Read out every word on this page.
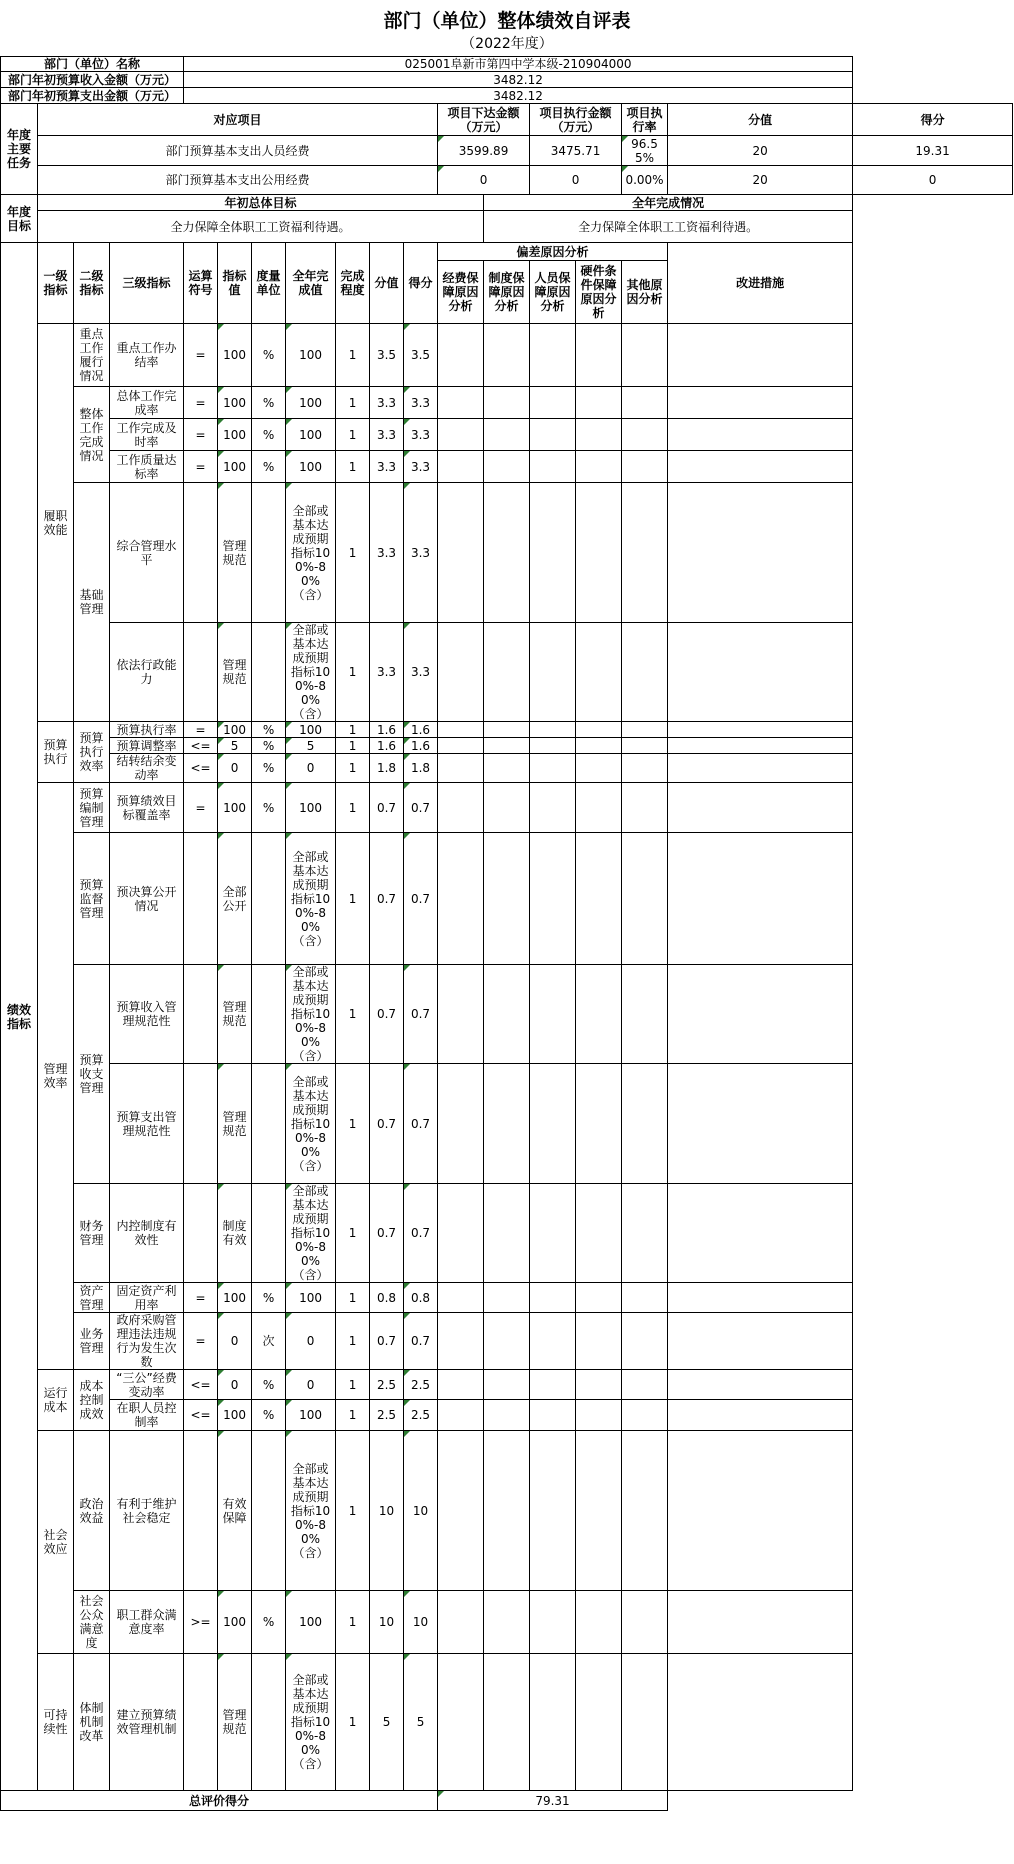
部门（单位）整体绩效自评表
（2022年度）
部门（单位）名称				025001阜新市第四中学本级-210904000													
部门年初预算收入金额（万元）				3482.12													
部门年初预算支出金额（万元）				3482.12													
年度主要任务	对应项目										项目下达金额（万元）		项目执行金额（万元）		项目执行率	分值	得分
	部门预算基本支出人员经费										3599.89		3475.71		96.55%	20	19.31
	部门预算基本支出公用经费										0		0		0.00%	20	0
年度目标	年初总体目标											全年完成情况					
	全力保障全体职工工资福利待遇。											全力保障全体职工工资福利待遇。					
绩效指标	一级指标	二级指标	三级指标	运算符号	指标值	度量单位	全年完成值	完成程度	分值	得分	偏差原因分析					改进措施	
											经费保障原因分析	制度保障原因分析	人员保障原因分析	硬件条件保障原因分析	其他原因分析		
	履职效能	重点工作履行情况	重点工作办结率	=	100	%	100	1	3.5	3.5							
		整体工作完成情况	总体工作完成率	=	100	%	100	1	3.3	3.3							
			工作完成及时率	=	100	%	100	1	3.3	3.3							
			工作质量达标率	=	100	%	100	1	3.3	3.3							
		基础管理	综合管理水平		管理规范		全部或基本达成预期指标100%-80%（含）	1	3.3	3.3							
			依法行政能力		管理规范		全部或基本达成预期指标100%-80%（含）	1	3.3	3.3							
	预算执行	预算执行效率	预算执行率	=	100	%	100	1	1.6	1.6							
			预算调整率	<=	5	%	5	1	1.6	1.6							
			结转结余变动率	<=	0	%	0	1	1.8	1.8							
	管理效率	预算编制管理	预算绩效目标覆盖率	=	100	%	100	1	0.7	0.7							
		预算监督管理	预决算公开情况		全部公开		全部或基本达成预期指标100%-80%（含）	1	0.7	0.7							
		预算收支管理	预算收入管理规范性		管理规范		全部或基本达成预期指标100%-80%（含）	1	0.7	0.7							
			预算支出管理规范性		管理规范		全部或基本达成预期指标100%-80%（含）	1	0.7	0.7							
		财务管理	内控制度有效性		制度有效		全部或基本达成预期指标100%-80%（含）	1	0.7	0.7							
		资产管理	固定资产利用率	=	100	%	100	1	0.8	0.8							
		业务管理	政府采购管理违法违规行为发生次数	=	0	次	0	1	0.7	0.7							
	运行成本	成本控制成效	“三公”经费变动率	<=	0	%	0	1	2.5	2.5							
			在职人员控制率	<=	100	%	100	1	2.5	2.5							
	社会效应	政治效益	有利于维护社会稳定		有效保障		全部或基本达成预期指标100%-80%（含）	1	10	10							
		社会公众满意度	职工群众满意度率	>=	100	%	100	1	10	10							
	可持续性	体制机制改革	建立预算绩效管理机制		管理规范		全部或基本达成预期指标100%-80%（含）	1	5	5							
总评价得分											79.31						
